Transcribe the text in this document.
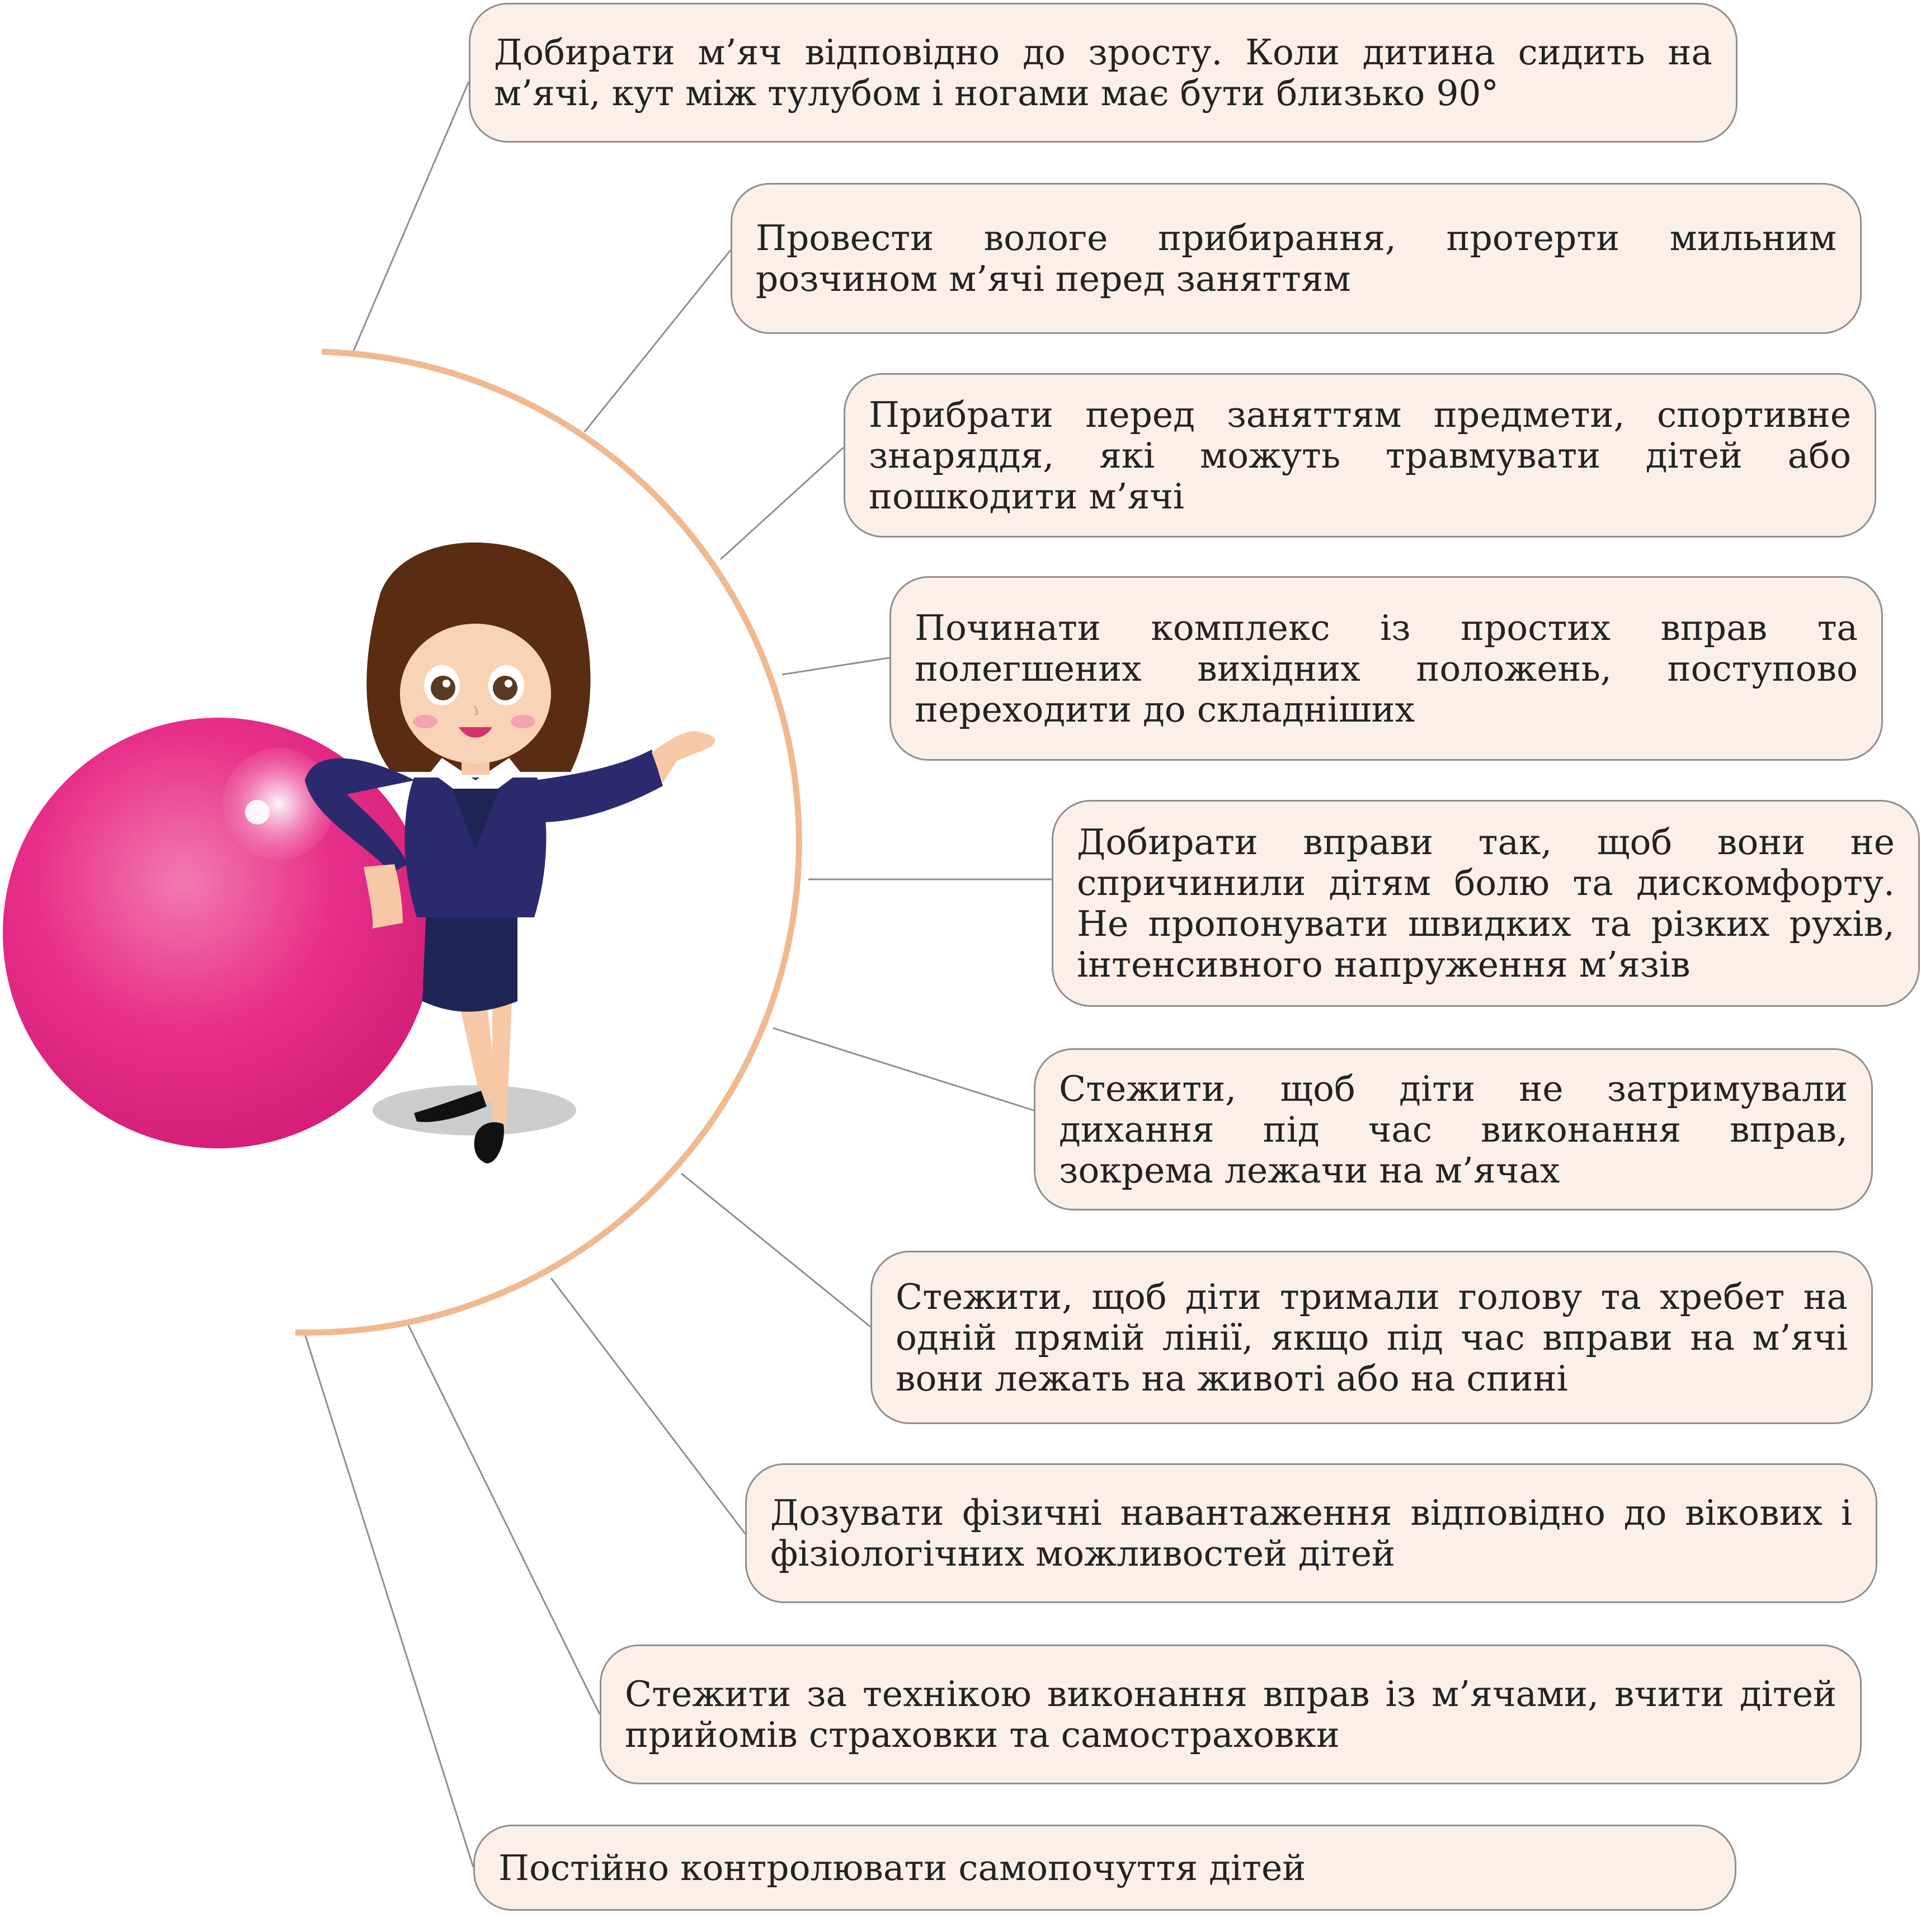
Добирати м’яч відповідно до зросту. Коли дитина сидить на м’ячі, кут між тулубом і ногами має бути близько 90°
Провести вологе прибирання, протерти мильним розчином м’ячі перед заняттям
Прибрати перед заняттям предмети, спортивне знаряддя, які можуть травмувати дітей або пошкодити м’ячі
Починати комплекс із простих вправ та полегшених вихідних положень, поступово переходити до складніших
Добирати вправи так, щоб вони не спричинили дітям болю та дискомфорту. Не пропонувати швидких та різких рухів, інтенсивного напруження м’язів
Стежити, щоб діти не затримували дихання під час виконання вправ, зокрема лежачи на м’ячах
Стежити, щоб діти тримали голову та хребет на одній прямій лінії, якщо під час вправи на м’ячі вони лежать на животі або на спині
Дозувати фізичні навантаження відповідно до вікових і фізіологічних можливостей дітей
Стежити за технікою виконання вправ із м’ячами, вчити дітей прийомів страховки та самостраховки
Постійно контролювати самопочуття дітей
